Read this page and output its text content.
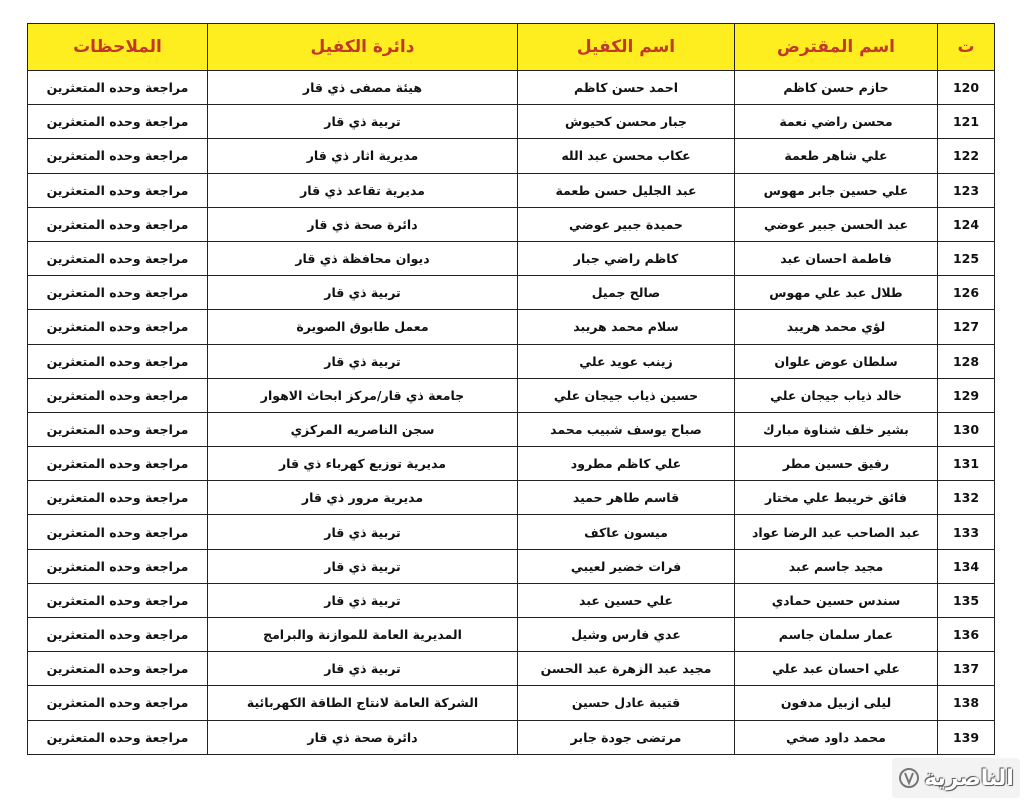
ت	اسم المقترض	اسم الكفيل	دائرة الكفيل	الملاحظات
120	حازم حسن كاظم	احمد حسن كاظم	هيئة مصفى ذي قار	مراجعة وحده المتعثرين
121	محسن راضي نعمة	جبار محسن كحيوش	تربية ذي قار	مراجعة وحده المتعثرين
122	علي شاهر طعمة	عكاب محسن عبد الله	مديرية اثار ذي قار	مراجعة وحده المتعثرين
123	علي حسين جابر مهوس	عبد الجليل حسن طعمة	مديرية تقاعد ذي قار	مراجعة وحده المتعثرين
124	عبد الحسن جبير عوضي	حميدة جبير عوضي	دائرة صحة ذي قار	مراجعة وحده المتعثرين
125	فاطمة احسان عبد	كاظم راضي جبار	ديوان محافظة ذي قار	مراجعة وحده المتعثرين
126	طلال عبد علي مهوس	صالح جميل	تربية ذي قار	مراجعة وحده المتعثرين
127	لؤي محمد هريبد	سلام محمد هريبد	معمل طابوق الصويرة	مراجعة وحده المتعثرين
128	سلطان عوض علوان	زينب عويد علي	تربية ذي قار	مراجعة وحده المتعثرين
129	خالد ذياب جيجان علي	حسين ذياب جيجان علي	جامعة ذي قار/مركز ابحاث الاهوار	مراجعة وحده المتعثرين
130	بشير خلف شناوة مبارك	صباح يوسف شبيب محمد	سجن الناصريه المركزي	مراجعة وحده المتعثرين
131	رفيق حسين مطر	علي كاظم مطرود	مديرية توزيع كهرباء ذي قار	مراجعة وحده المتعثرين
132	فائق خريبط علي مختار	قاسم طاهر حميد	مديرية مرور ذي قار	مراجعة وحده المتعثرين
133	عبد الصاحب عبد الرضا عواد	ميسون عاكف	تربية ذي قار	مراجعة وحده المتعثرين
134	مجيد جاسم عبد	فرات خضير لعيبي	تربية ذي قار	مراجعة وحده المتعثرين
135	سندس حسين حمادي	علي حسين عبد	تربية ذي قار	مراجعة وحده المتعثرين
136	عمار سلمان جاسم	عدي فارس وشيل	المديرية العامة للموازنة والبرامج	مراجعة وحده المتعثرين
137	علي احسان عبد علي	مجيد عبد الزهرة عبد الحسن	تربية ذي قار	مراجعة وحده المتعثرين
138	ليلى ازبيل مدفون	قتيبة عادل حسين	الشركة العامة لانتاج الطاقة الكهربائية	مراجعة وحده المتعثرين
139	محمد داود صخي	مرتضى جودة جابر	دائرة صحة ذي قار	مراجعة وحده المتعثرين
الناصرية
